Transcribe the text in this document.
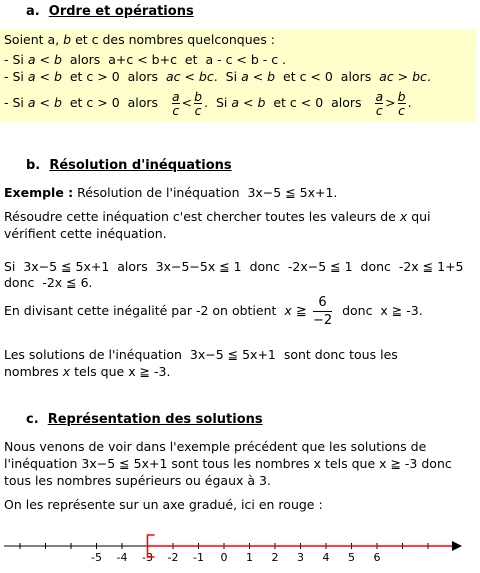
a. Ordre et opérations
Soient a, b et c des nombres quelconques :
- Si a < b  alors  a+c < b+c  et  a - c < b - c .
- Si a < b  et c > 0  alors  ac < bc.  Si a < b  et c < 0  alors  ac > bc.
- Si a < b  et c > 0  alors $\frac{a}{c} < \frac{b}{c}$ .  Si a < b  et c < 0  alors $\frac{a}{c} > \frac{b}{c}$ .
b. Résolution d'inéquations
Exemple : Résolution de l'inéquation  3x−5 ≦ 5x+1.
Résoudre cette inéquation c'est chercher toutes les valeurs de x qui
vérifient cette inéquation.
Si  3x−5 ≦ 5x+1  alors  3x−5−5x ≦ 1  donc  -2x−5 ≦ 1  donc  -2x ≦ 1+5
donc  -2x ≦ 6.
En divisant cette inégalité par -2 on obtient  x ≧ $\frac{6}{-2}$ donc  x ≧ -3.
Les solutions de l'inéquation  3x−5 ≦ 5x+1  sont donc tous les
nombres x tels que x ≧ -3.
c. Représentation des solutions
Nous venons de voir dans l'exemple précédent que les solutions de
l'inéquation 3x−5 ≦ 5x+1 sont tous les nombres x tels que x ≧ -3 donc
tous les nombres supérieurs ou égaux à 3.
On les représente sur un axe gradué, ici en rouge :
-5 -4 -3 -2 -1 0 1 2 3 4 5 6
